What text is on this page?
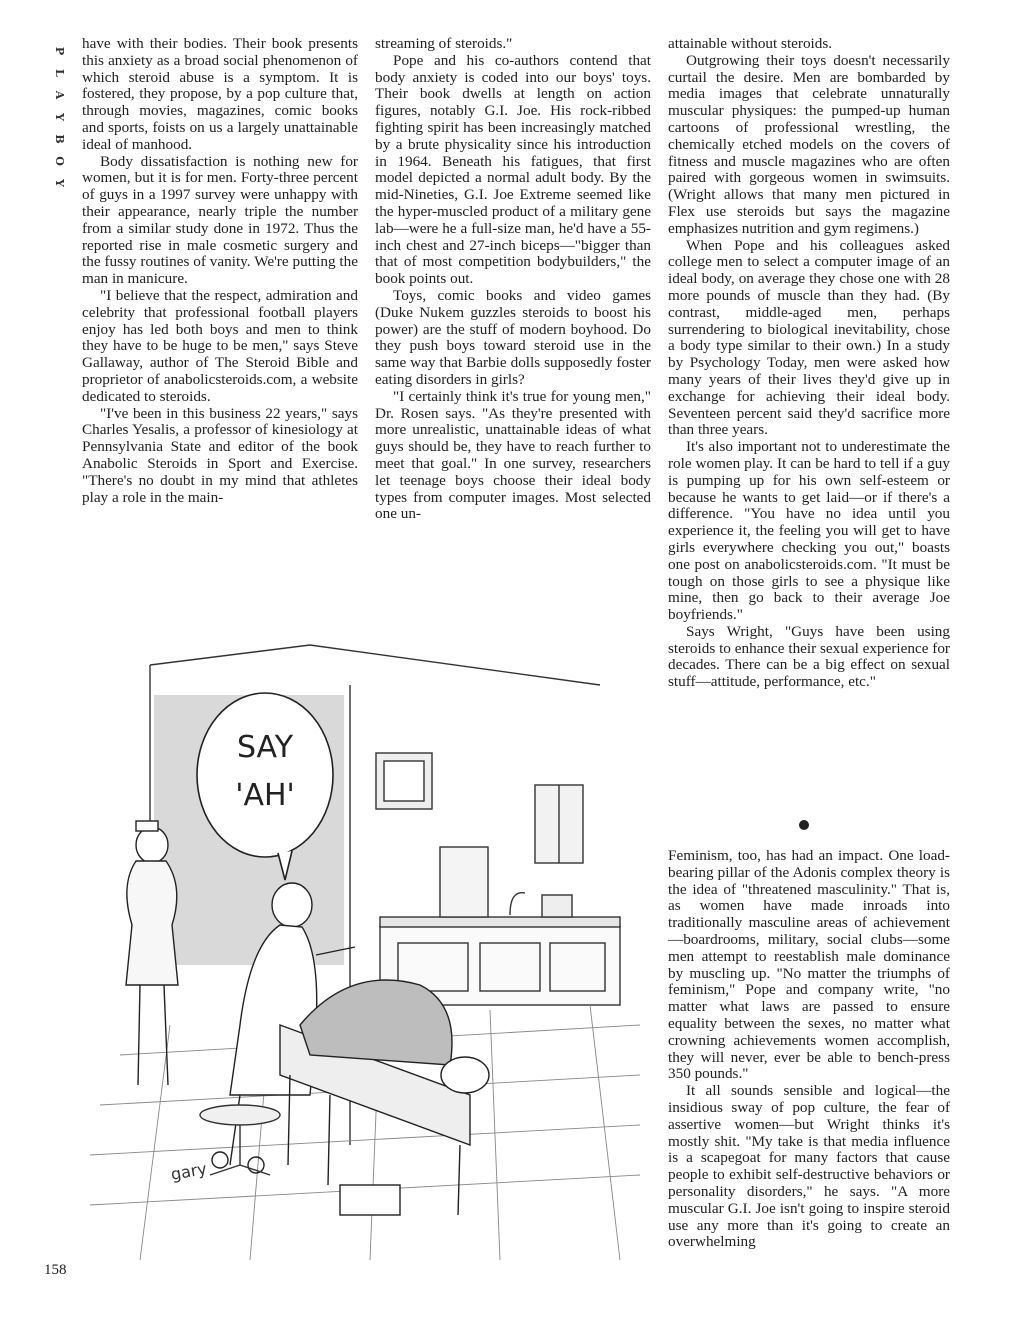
P
L
A
Y
B
O
Y

have with their bodies. Their book presents this anxiety as a broad social phenomenon of which steroid abuse is a symptom. It is fostered, they propose, by a pop culture that, through movies, magazines, comic books and sports, foists on us a largely unattainable ideal of manhood.

Body dissatisfaction is nothing new for women, but it is for men. Forty-three percent of guys in a 1997 survey were unhappy with their appearance, nearly triple the number from a similar study done in 1972. Thus the reported rise in male cosmetic surgery and the fussy routines of vanity. We're putting the man in manicure.

"I believe that the respect, admiration and celebrity that professional football players enjoy has led both boys and men to think they have to be huge to be men," says Steve Gallaway, author of The Steroid Bible and proprietor of anabolicsteroids.com, a website dedicated to steroids.

"I've been in this business 22 years," says Charles Yesalis, a professor of kinesiology at Pennsylvania State and editor of the book Anabolic Steroids in Sport and Exercise. "There's no doubt in my mind that athletes play a role in the main-

streaming of steroids."

Pope and his co-authors contend that body anxiety is coded into our boys' toys. Their book dwells at length on action figures, notably G.I. Joe. His rock-ribbed fighting spirit has been increasingly matched by a brute physicality since his introduction in 1964. Beneath his fatigues, that first model depicted a normal adult body. By the mid-Nineties, G.I. Joe Extreme seemed like the hyper-muscled product of a military gene lab—were he a full-size man, he'd have a 55-inch chest and 27-inch biceps—"bigger than that of most competition bodybuilders," the book points out.

Toys, comic books and video games (Duke Nukem guzzles steroids to boost his power) are the stuff of modern boyhood. Do they push boys toward steroid use in the same way that Barbie dolls supposedly foster eating disorders in girls?

"I certainly think it's true for young men," Dr. Rosen says. "As they're presented with more unrealistic, unattainable ideas of what guys should be, they have to reach further to meet that goal." In one survey, researchers let teenage boys choose their ideal body types from computer images. Most selected one un-

attainable without steroids.

Outgrowing their toys doesn't necessarily curtail the desire. Men are bombarded by media images that celebrate unnaturally muscular physiques: the pumped-up human cartoons of professional wrestling, the chemically etched models on the covers of fitness and muscle magazines who are often paired with gorgeous women in swimsuits. (Wright allows that many men pictured in Flex use steroids but says the magazine emphasizes nutrition and gym regimens.)

When Pope and his colleagues asked college men to select a computer image of an ideal body, on average they chose one with 28 more pounds of muscle than they had. (By contrast, middle-aged men, perhaps surrendering to biological inevitability, chose a body type similar to their own.) In a study by Psychology Today, men were asked how many years of their lives they'd give up in exchange for achieving their ideal body. Seventeen percent said they'd sacrifice more than three years.

It's also important not to underestimate the role women play. It can be hard to tell if a guy is pumping up for his own self-esteem or because he wants to get laid—or if there's a difference. "You have no idea until you experience it, the feeling you will get to have girls everywhere checking you out," boasts one post on anabolicsteroids.com. "It must be tough on those girls to see a physique like mine, then go back to their average Joe boyfriends."

Says Wright, "Guys have been using steroids to enhance their sexual experience for decades. There can be a big effect on sexual stuff—attitude, performance, etc."

Feminism, too, has had an impact. One load-bearing pillar of the Adonis complex theory is the idea of "threatened masculinity." That is, as women have made inroads into traditionally masculine areas of achievement—boardrooms, military, social clubs—some men attempt to reestablish male dominance by muscling up. "No matter the triumphs of feminism," Pope and company write, "no matter what laws are passed to ensure equality between the sexes, no matter what crowning achievements women accomplish, they will never, ever be able to bench-press 350 pounds."

It all sounds sensible and logical—the insidious sway of pop culture, the fear of assertive women—but Wright thinks it's mostly shit. "My take is that media influence is a scapegoat for many factors that cause people to exhibit self-destructive behaviors or personality disorders," he says. "A more muscular G.I. Joe isn't going to inspire steroid use any more than it's going to create an overwhelming

SAY
'AH'
gary
158
